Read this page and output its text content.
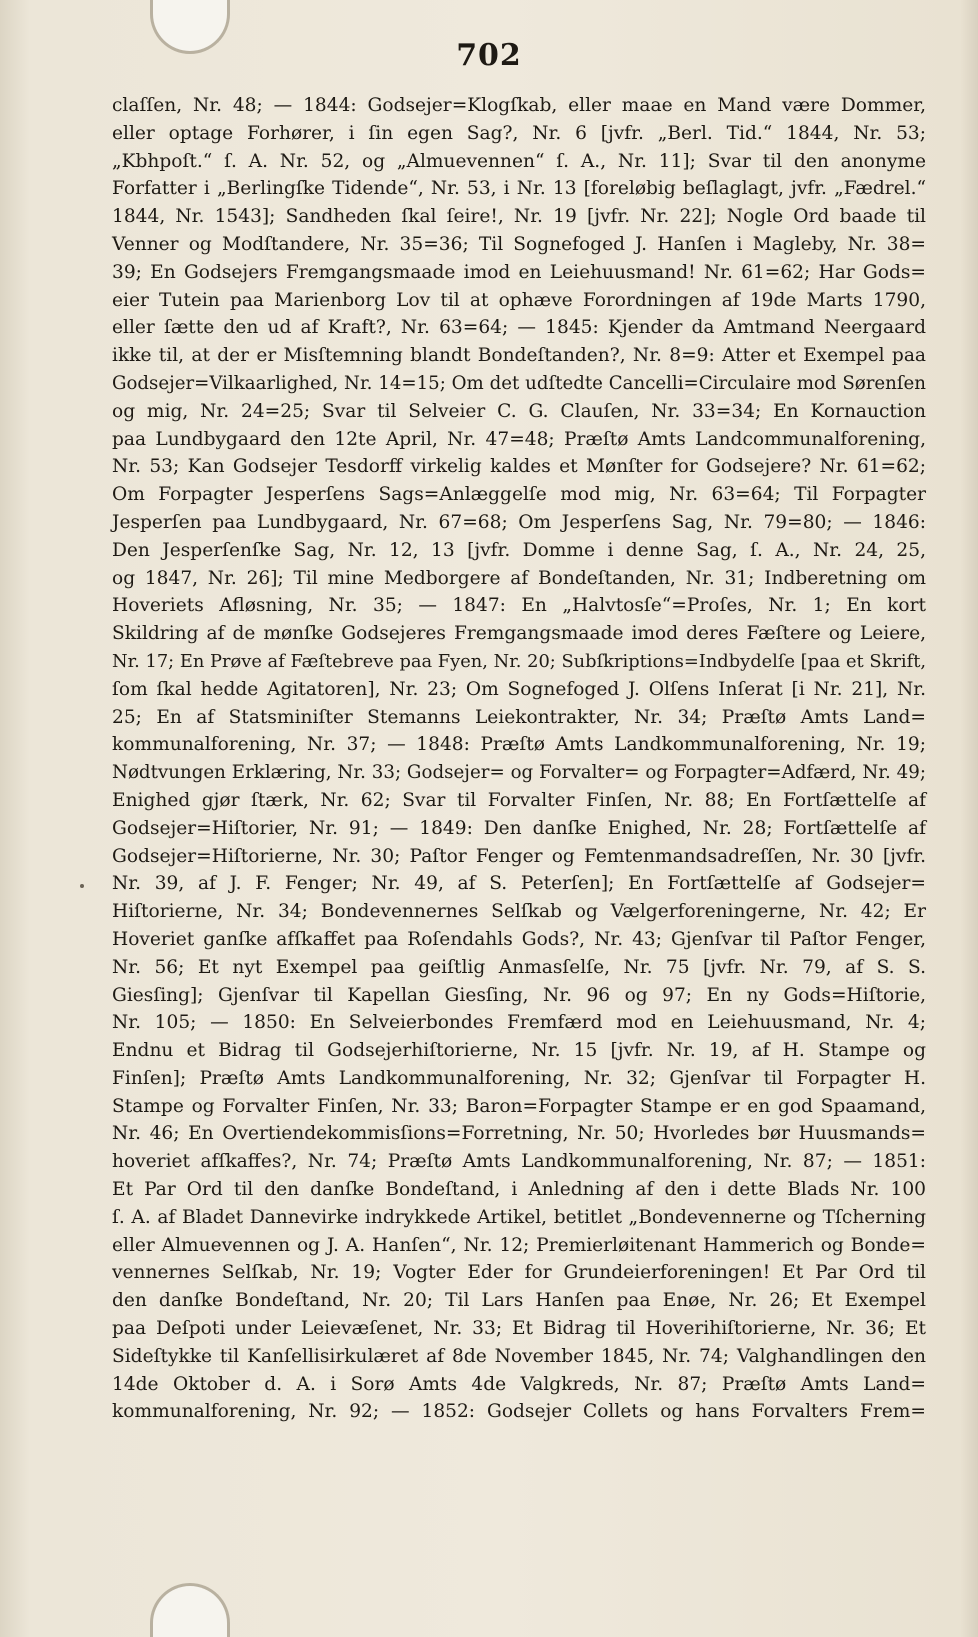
702
claſſen, Nr. 48; — 1844: Godsejer=Klogſkab, eller maae en Mand være Dommer,
eller optage Forhører, i ſin egen Sag?, Nr. 6 [jvfr. „Berl. Tid.“ 1844, Nr. 53;
„Kbhpoſt.“ ſ. A. Nr. 52, og „Almuevennen“ ſ. A., Nr. 11]; Svar til den anonyme
Forfatter i „Berlingſke Tidende“, Nr. 53, i Nr. 13 [foreløbig beſlaglagt, jvfr. „Fædrel.“
1844, Nr. 1543]; Sandheden ſkal ſeire!, Nr. 19 [jvfr. Nr. 22]; Nogle Ord baade til
Venner og Modſtandere, Nr. 35=36; Til Sognefoged J. Hanſen i Magleby, Nr. 38=
39; En Godsejers Fremgangsmaade imod en Leiehuusmand! Nr. 61=62; Har Gods=
eier Tutein paa Marienborg Lov til at ophæve Forordningen af 19de Marts 1790,
eller ſætte den ud af Kraft?, Nr. 63=64; — 1845: Kjender da Amtmand Neergaard
ikke til, at der er Misſtemning blandt Bondeſtanden?, Nr. 8=9: Atter et Exempel paa
Godsejer=Vilkaarlighed, Nr. 14=15; Om det udſtedte Cancelli=Circulaire mod Sørenſen
og mig, Nr. 24=25; Svar til Selveier C. G. Clauſen, Nr. 33=34; En Kornauction
paa Lundbygaard den 12te April, Nr. 47=48; Præſtø Amts Landcommunalforening,
Nr. 53; Kan Godsejer Tesdorff virkelig kaldes et Mønſter for Godsejere? Nr. 61=62;
Om Forpagter Jesperſens Sags=Anlæggelſe mod mig, Nr. 63=64; Til Forpagter
Jesperſen paa Lundbygaard, Nr. 67=68; Om Jesperſens Sag, Nr. 79=80; — 1846:
Den Jesperſenſke Sag, Nr. 12, 13 [jvfr. Domme i denne Sag, ſ. A., Nr. 24, 25,
og 1847, Nr. 26]; Til mine Medborgere af Bondeſtanden, Nr. 31; Indberetning om
Hoveriets Afløsning, Nr. 35; — 1847: En „Halvtosſe“=Proſes, Nr. 1; En kort
Skildring af de mønſke Godsejeres Fremgangsmaade imod deres Fæſtere og Leiere,
Nr. 17; En Prøve af Fæſtebreve paa Fyen, Nr. 20; Subſkriptions=Indbydelſe [paa et Skrift,
ſom ſkal hedde Agitatoren], Nr. 23; Om Sognefoged J. Olſens Inſerat [i Nr. 21], Nr.
25; En af Statsminiſter Stemanns Leiekontrakter, Nr. 34; Præſtø Amts Land=
kommunalforening, Nr. 37; — 1848: Præſtø Amts Landkommunalforening, Nr. 19;
Nødtvungen Erklæring, Nr. 33; Godsejer= og Forvalter= og Forpagter=Adfærd, Nr. 49;
Enighed gjør ſtærk, Nr. 62; Svar til Forvalter Finſen, Nr. 88; En Fortſættelſe af
Godsejer=Hiſtorier, Nr. 91; — 1849: Den danſke Enighed, Nr. 28; Fortſættelſe af
Godsejer=Hiſtorierne, Nr. 30; Paſtor Fenger og Femtenmandsadreſſen, Nr. 30 [jvfr.
Nr. 39, af J. F. Fenger; Nr. 49, af S. Peterſen]; En Fortſættelſe af Godsejer=
Hiſtorierne, Nr. 34; Bondevennernes Selſkab og Vælgerforeningerne, Nr. 42; Er
Hoveriet ganſke afſkaffet paa Roſendahls Gods?, Nr. 43; Gjenſvar til Paſtor Fenger,
Nr. 56; Et nyt Exempel paa geiſtlig Anmasſelſe, Nr. 75 [jvfr. Nr. 79, af S. S.
Giesſing]; Gjenſvar til Kapellan Giesſing, Nr. 96 og 97; En ny Gods=Hiſtorie,
Nr. 105; — 1850: En Selveierbondes Fremfærd mod en Leiehuusmand, Nr. 4;
Endnu et Bidrag til Godsejerhiſtorierne, Nr. 15 [jvfr. Nr. 19, af H. Stampe og
Finſen]; Præſtø Amts Landkommunalforening, Nr. 32; Gjenſvar til Forpagter H.
Stampe og Forvalter Finſen, Nr. 33; Baron=Forpagter Stampe er en god Spaamand,
Nr. 46; En Overtiendekommisſions=Forretning, Nr. 50; Hvorledes bør Huusmands=
hoveriet afſkaffes?, Nr. 74; Præſtø Amts Landkommunalforening, Nr. 87; — 1851:
Et Par Ord til den danſke Bondeſtand, i Anledning af den i dette Blads Nr. 100
ſ. A. af Bladet Dannevirke indrykkede Artikel, betitlet „Bondevennerne og Tſcherning
eller Almuevennen og J. A. Hanſen“, Nr. 12; Premierløitenant Hammerich og Bonde=
vennernes Selſkab, Nr. 19; Vogter Eder for Grundeierforeningen! Et Par Ord til
den danſke Bondeſtand, Nr. 20; Til Lars Hanſen paa Enøe, Nr. 26; Et Exempel
paa Deſpoti under Leievæſenet, Nr. 33; Et Bidrag til Hoverihiſtorierne, Nr. 36; Et
Sideſtykke til Kanſellisirkulæret af 8de November 1845, Nr. 74; Valghandlingen den
14de Oktober d. A. i Sorø Amts 4de Valgkreds, Nr. 87; Præſtø Amts Land=
kommunalforening, Nr. 92; — 1852: Godsejer Collets og hans Forvalters Frem=
